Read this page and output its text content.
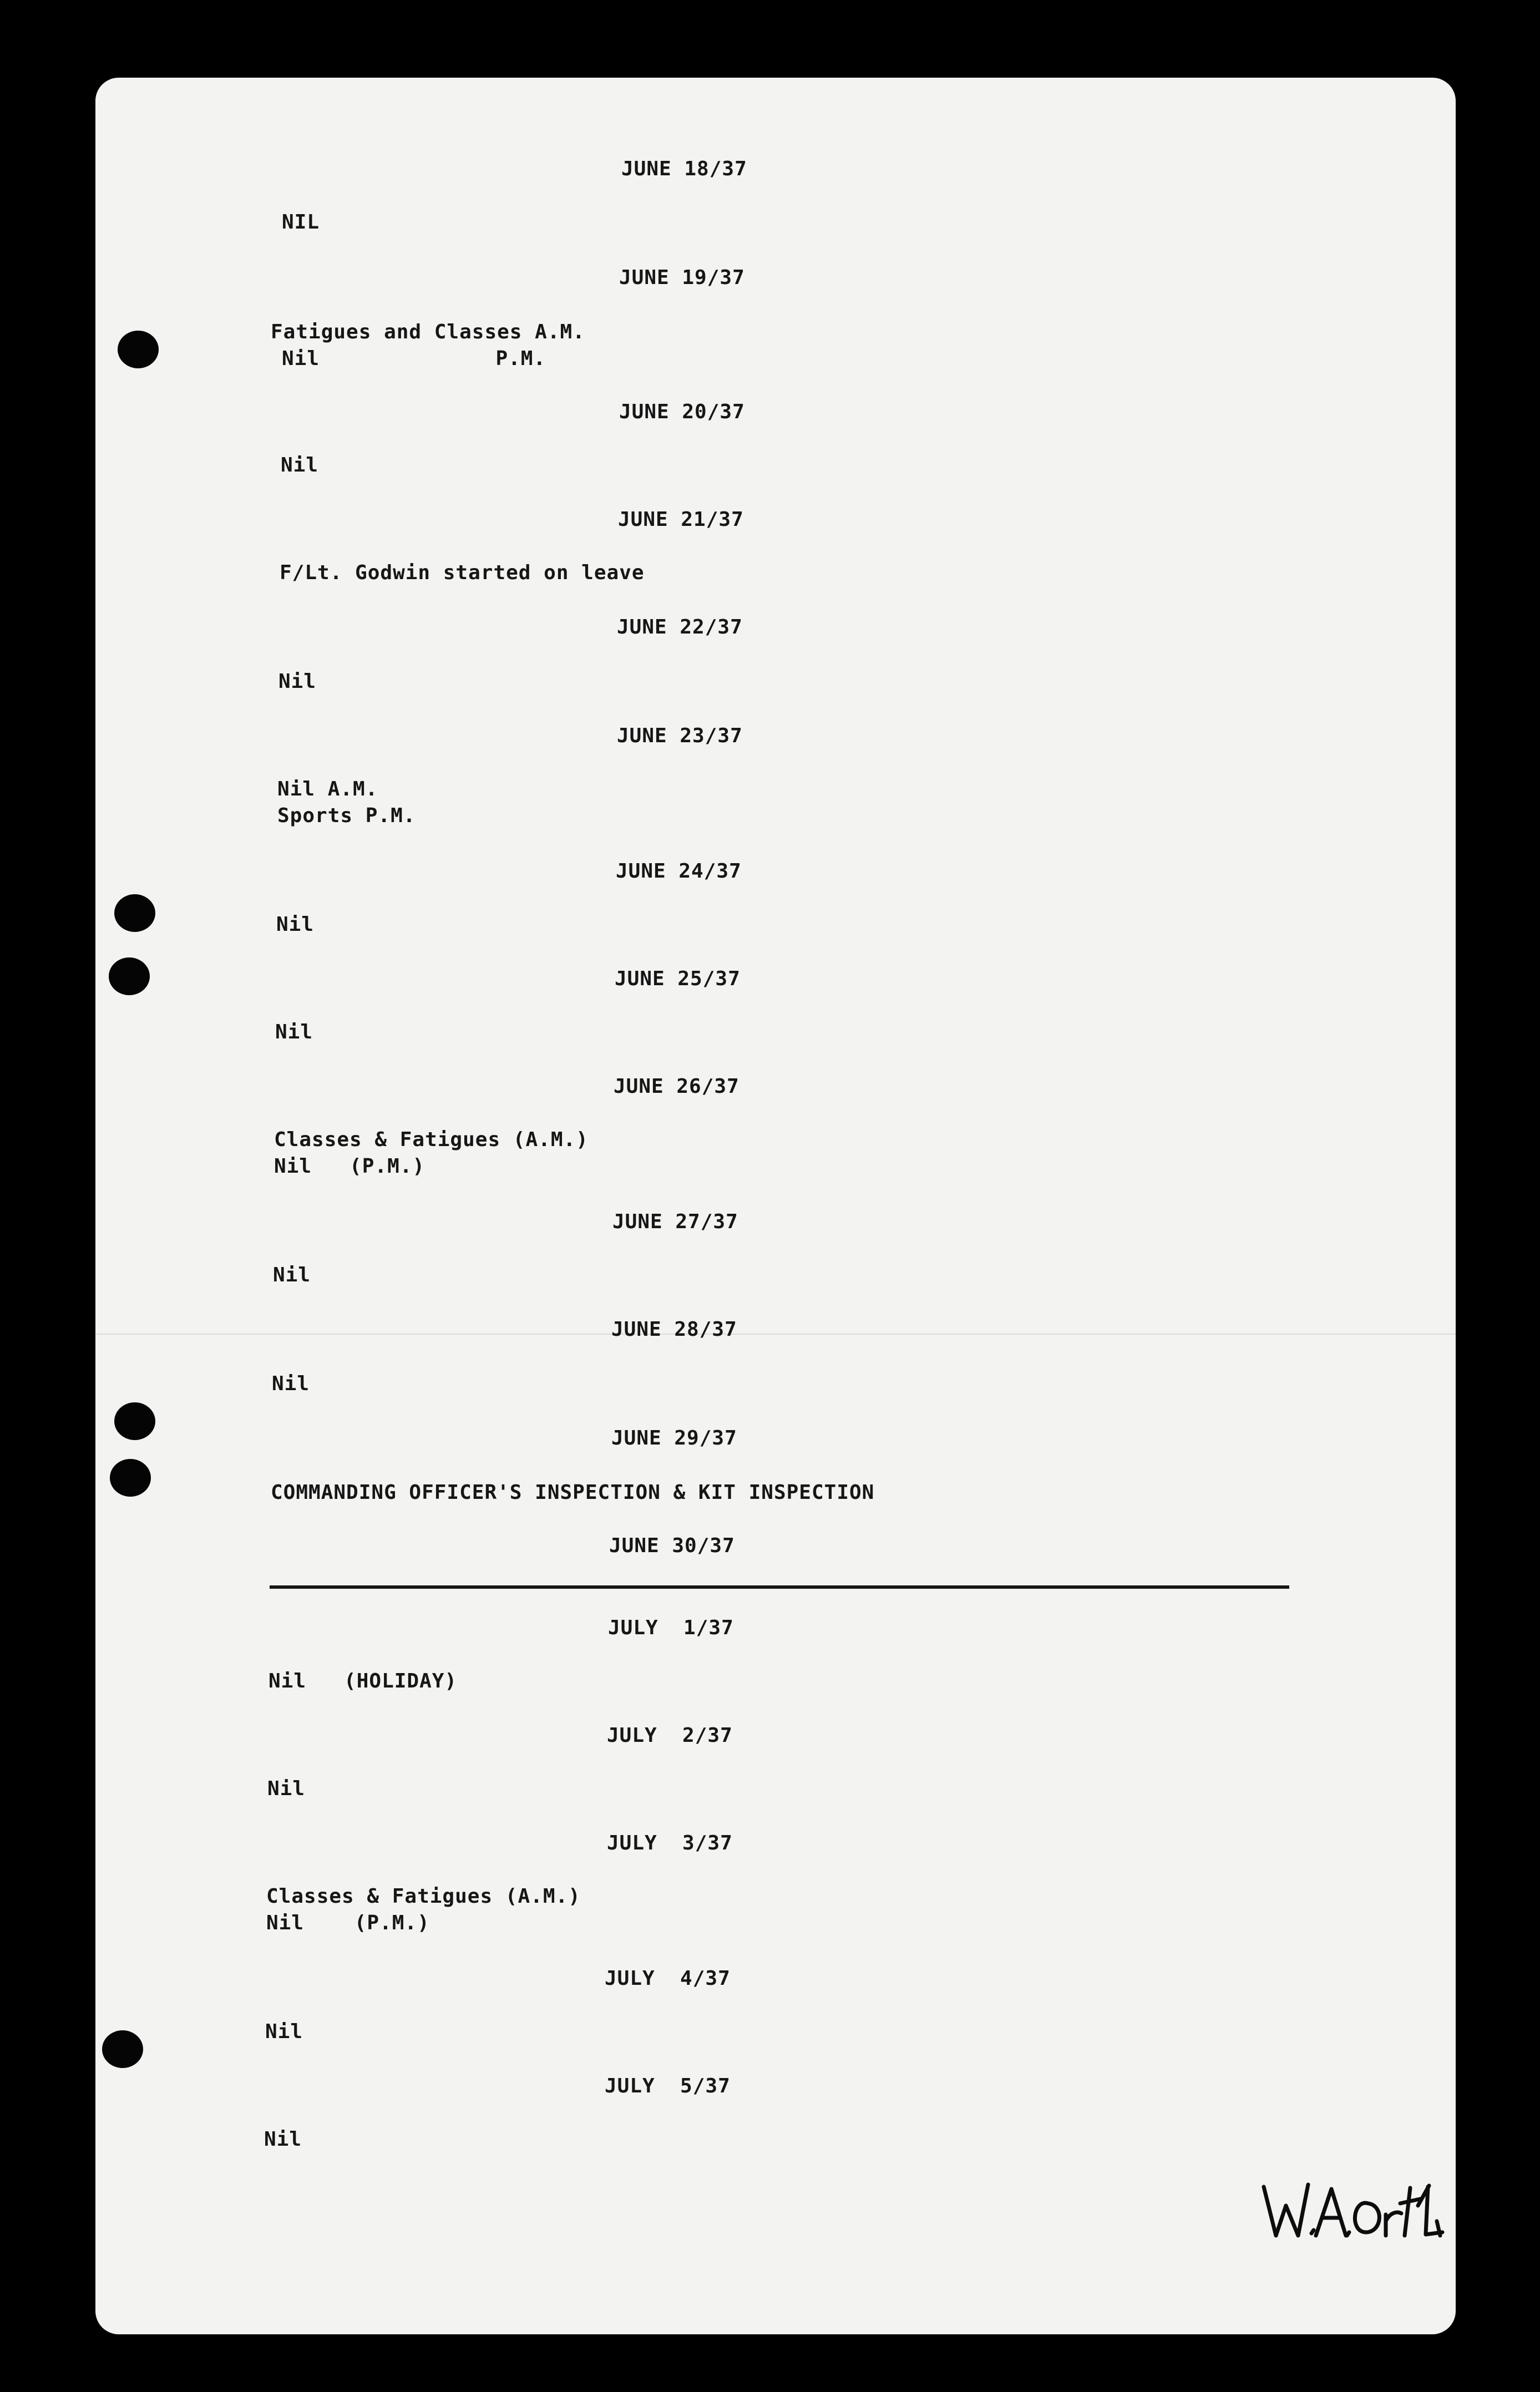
JUNE 18/37
NIL
JUNE 19/37
Fatigues and Classes A.M.
Nil              P.M.
JUNE 20/37
Nil
JUNE 21/37
F/Lt. Godwin started on leave
JUNE 22/37
Nil
JUNE 23/37
Nil A.M.
Sports P.M.
JUNE 24/37
Nil
JUNE 25/37
Nil
JUNE 26/37
Classes & Fatigues (A.M.)
Nil   (P.M.)
JUNE 27/37
Nil
JUNE 28/37
Nil
JUNE 29/37
COMMANDING OFFICER'S INSPECTION & KIT INSPECTION
JUNE 30/37
JULY  1/37
Nil   (HOLIDAY)
JULY  2/37
Nil
JULY  3/37
Classes & Fatigues (A.M.)
Nil    (P.M.)
JULY  4/37
Nil
JULY  5/37
Nil
